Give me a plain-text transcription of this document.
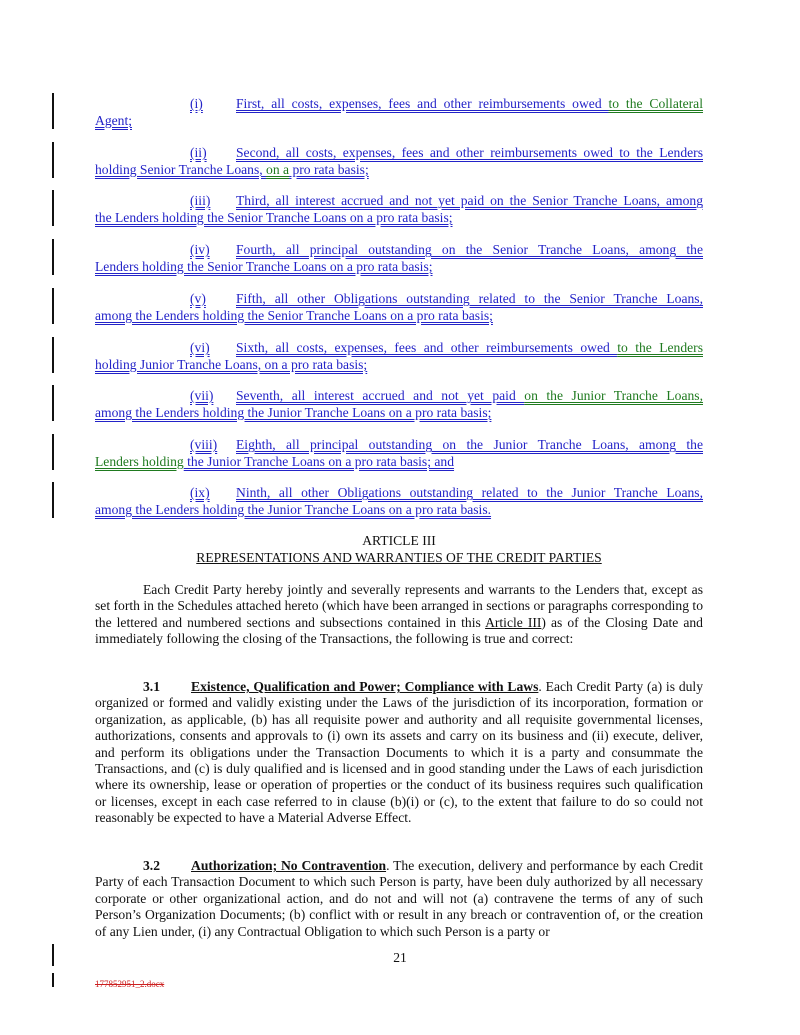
(i) First, all costs, expenses, fees and other reimbursements owed to the Collateral
Agent;
(ii) Second, all costs, expenses, fees and other reimbursements owed to the Lenders
holding Senior Tranche Loans, on a pro rata basis;
(iii) Third, all interest accrued and not yet paid on the Senior Tranche Loans, among
the Lenders holding the Senior Tranche Loans on a pro rata basis;
(iv) Fourth, all principal outstanding on the Senior Tranche Loans, among the
Lenders holding the Senior Tranche Loans on a pro rata basis;
(v) Fifth, all other Obligations outstanding related to the Senior Tranche Loans,
among the Lenders holding the Senior Tranche Loans on a pro rata basis;
(vi) Sixth, all costs, expenses, fees and other reimbursements owed to the Lenders
holding Junior Tranche Loans, on a pro rata basis;
(vii) Seventh, all interest accrued and not yet paid on the Junior Tranche Loans,
among the Lenders holding the Junior Tranche Loans on a pro rata basis;
(viii) Eighth, all principal outstanding on the Junior Tranche Loans, among the
Lenders holding the Junior Tranche Loans on a pro rata basis; and
(ix) Ninth, all other Obligations outstanding related to the Junior Tranche Loans,
among the Lenders holding the Junior Tranche Loans on a pro rata basis.
ARTICLE III
REPRESENTATIONS AND WARRANTIES OF THE CREDIT PARTIES
Each Credit Party hereby jointly and severally represents and warrants to the Lenders that, except as set forth in the Schedules attached hereto (which have been arranged in sections or paragraphs corresponding to the lettered and numbered sections and subsections contained in this Article III) as of the Closing Date and immediately following the closing of the Transactions, the following is true and correct:
3.1 Existence, Qualification and Power; Compliance with Laws. Each Credit Party (a) is duly organized or formed and validly existing under the Laws of the jurisdiction of its incorporation, formation or organization, as applicable, (b) has all requisite power and authority and all requisite governmental licenses, authorizations, consents and approvals to (i) own its assets and carry on its business and (ii) execute, deliver, and perform its obligations under the Transaction Documents to which it is a party and consummate the Transactions, and (c) is duly qualified and is licensed and in good standing under the Laws of each jurisdiction where its ownership, lease or operation of properties or the conduct of its business requires such qualification or licenses, except in each case referred to in clause (b)(i) or (c), to the extent that failure to do so could not reasonably be expected to have a Material Adverse Effect.
3.2 Authorization; No Contravention. The execution, delivery and performance by each Credit Party of each Transaction Document to which such Person is party, have been duly authorized by all necessary corporate or other organizational action, and do not and will not (a) contravene the terms of any of such Person’s Organization Documents; (b) conflict with or result in any breach or contravention of, or the creation of any Lien under, (i) any Contractual Obligation to which such Person is a party or
21
177852951_2.docx
